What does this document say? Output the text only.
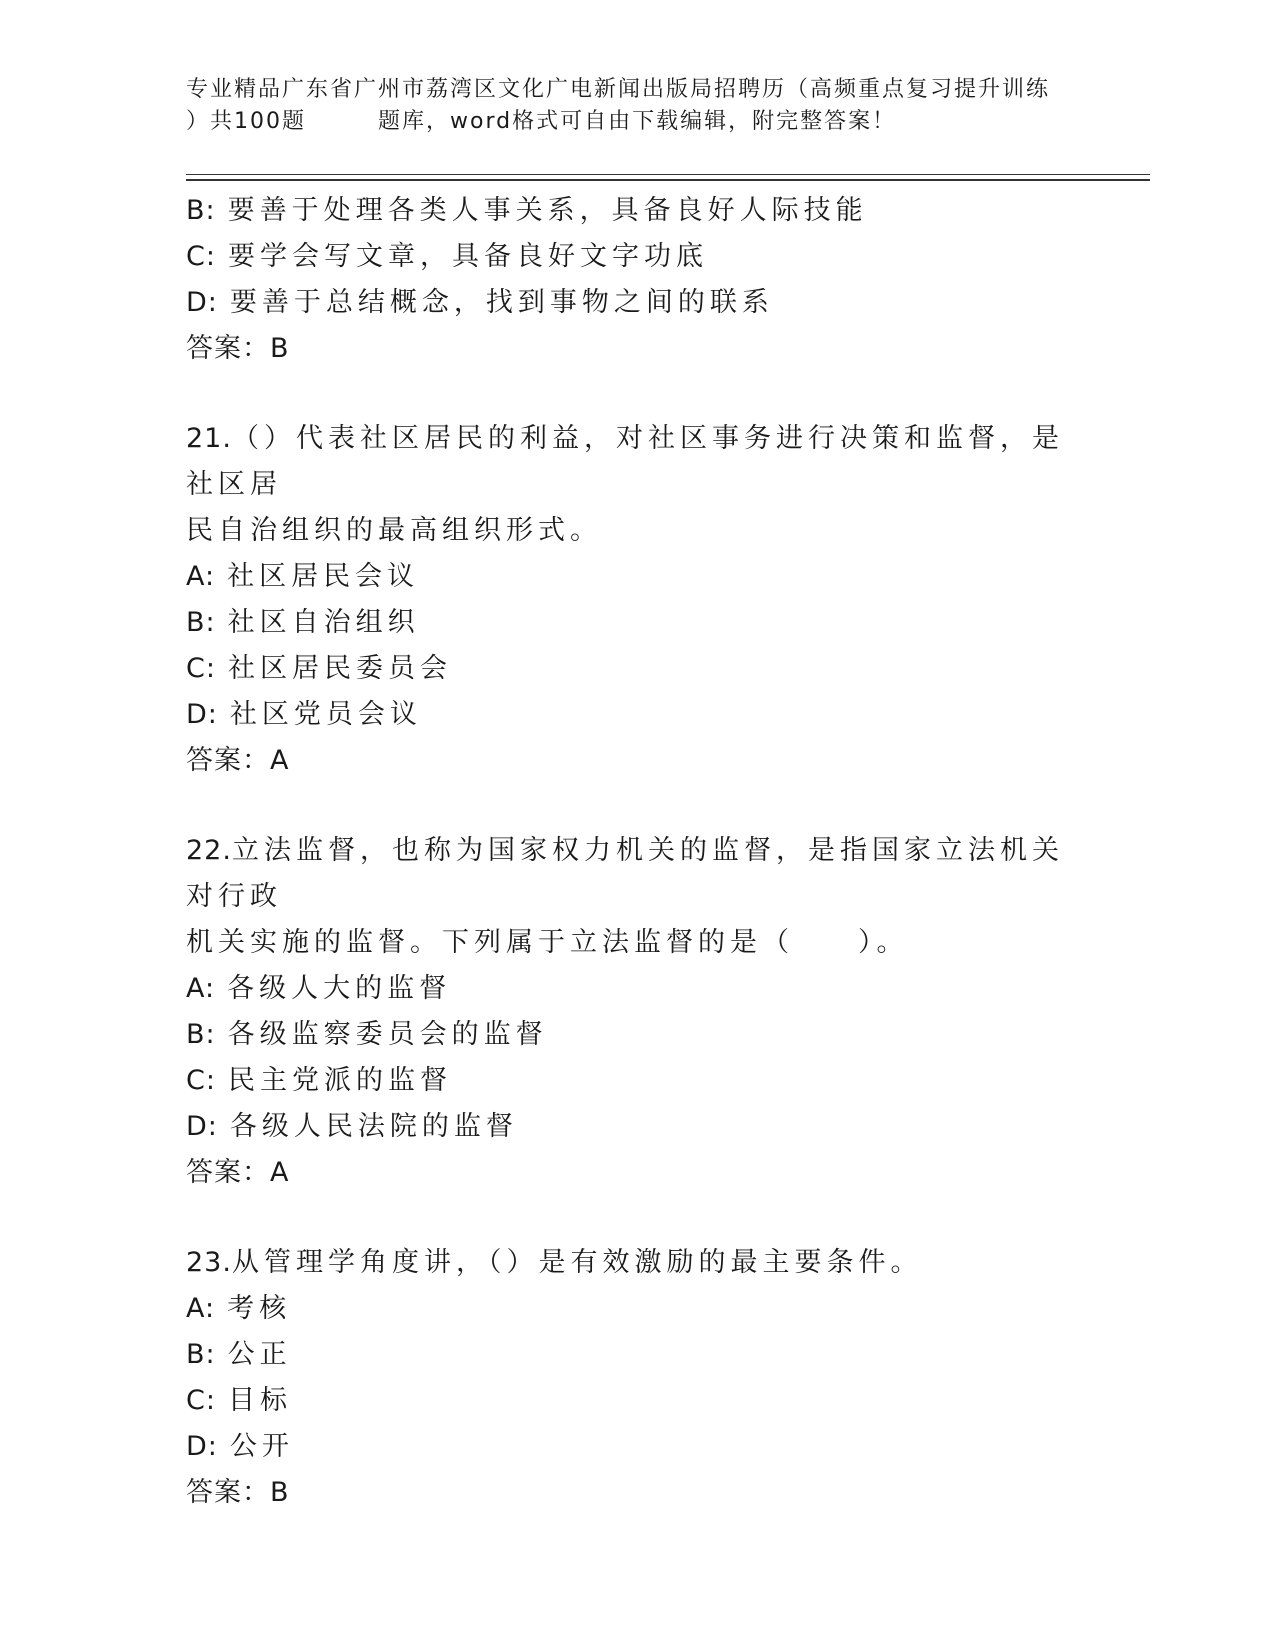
专业精品广东省广州市荔湾区文化广电新闻出版局招聘历（高频重点复习提升训练
）共100题	题库，word格式可自由下载编辑，附完整答案！
B: 要善于处理各类人事关系，具备良好人际技能
C: 要学会写文章，具备良好文字功底
D: 要善于总结概念，找到事物之间的联系
答案：B
21.（）代表社区居民的利益，对社区事务进行决策和监督，是社区居
民自治组织的最高组织形式。
A: 社区居民会议
B: 社区自治组织
C: 社区居民委员会
D: 社区党员会议
答案：A
22.立法监督，也称为国家权力机关的监督，是指国家立法机关对行政
机关实施的监督。下列属于立法监督的是（　　）。
A: 各级人大的监督
B: 各级监察委员会的监督
C: 民主党派的监督
D: 各级人民法院的监督
答案：A
23.从管理学角度讲，（）是有效激励的最主要条件。
A: 考核
B: 公正
C: 目标
D: 公开
答案：B
